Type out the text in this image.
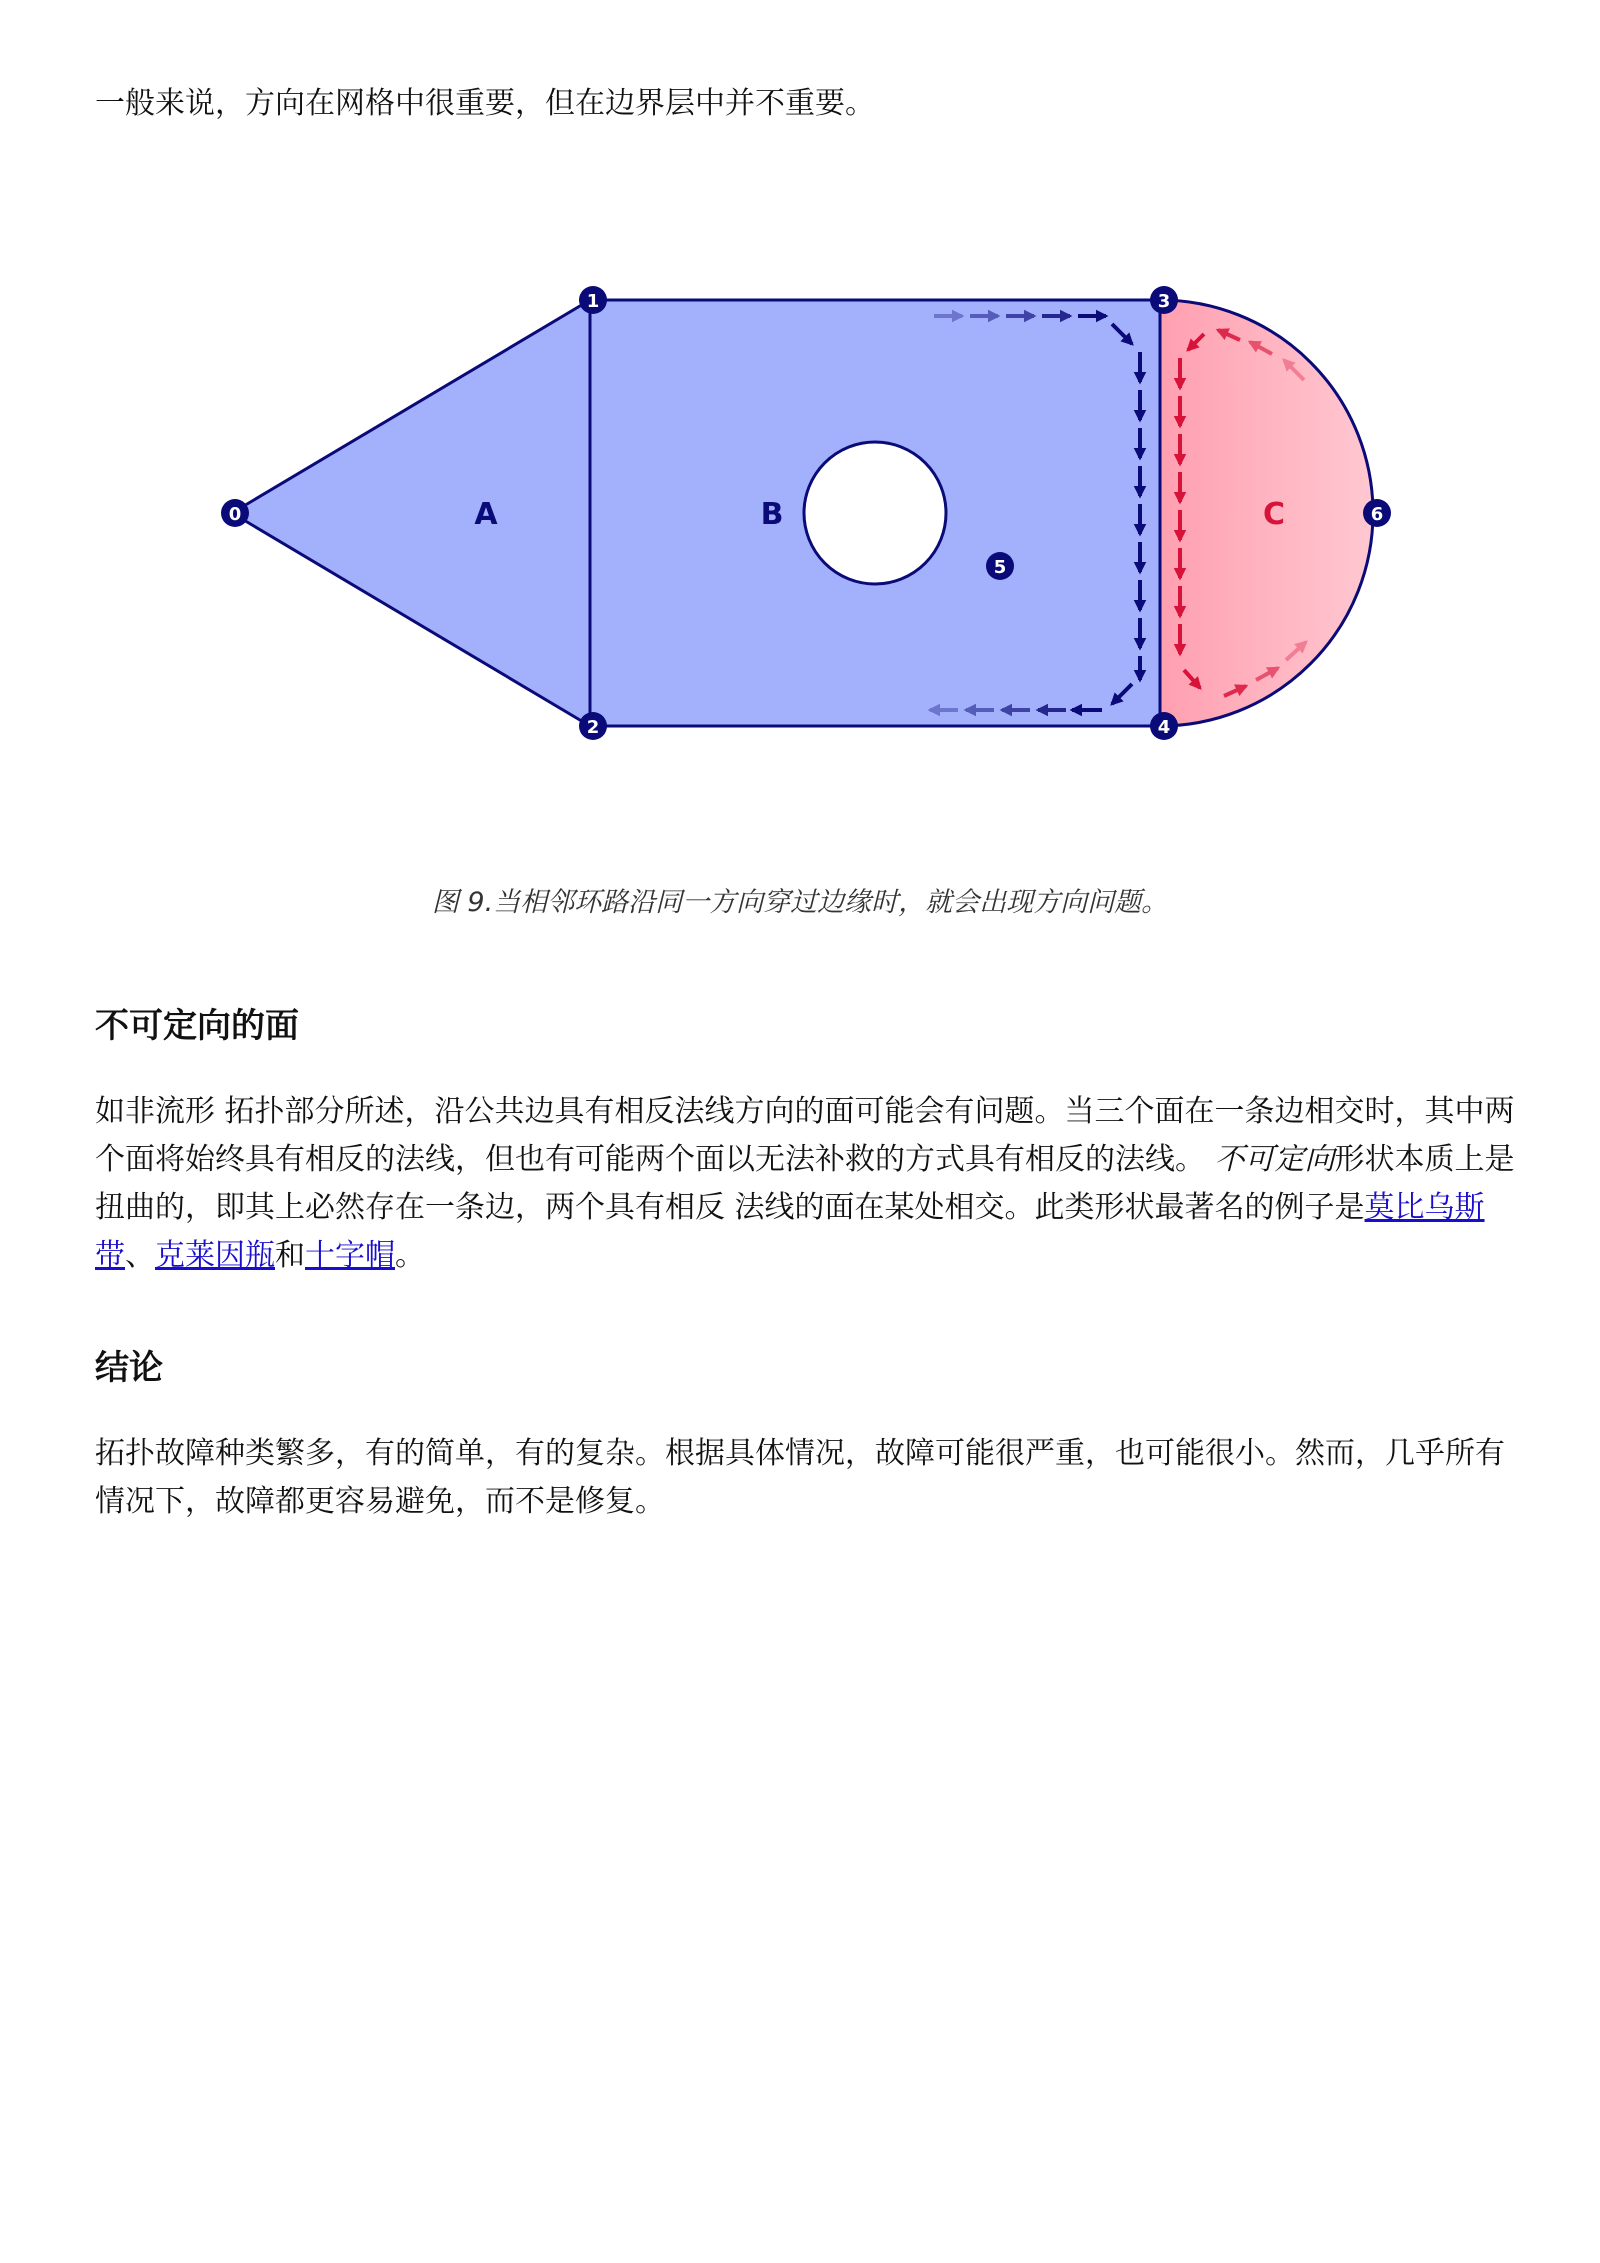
一般来说，方向在网格中很重要，但在边界层中并不重要。

A	B	C
0
1
2
3
4
5
6
图 9.当相邻环路沿同一方向穿过边缘时，就会出现方向问题。
不可定向的面

如非流形 拓扑部分所述，沿公共边具有相反法线方向的面可能会有问题。当三个面在一条边相交时，其中两个面将始终具有相反的法线，但也有可能两个面以无法补救的方式具有相反的法线。 不可定向形状本质上是扭曲的，即其上必然存在一条边，两个具有相反 法线的面在某处相交。此类形状最著名的例子是莫比乌斯带、克莱因瓶和十字帽。

结论

拓扑故障种类繁多，有的简单，有的复杂。根据具体情况，故障可能很严重，也可能很小。然而，几乎所有情况下，故障都更容易避免，而不是修复。
